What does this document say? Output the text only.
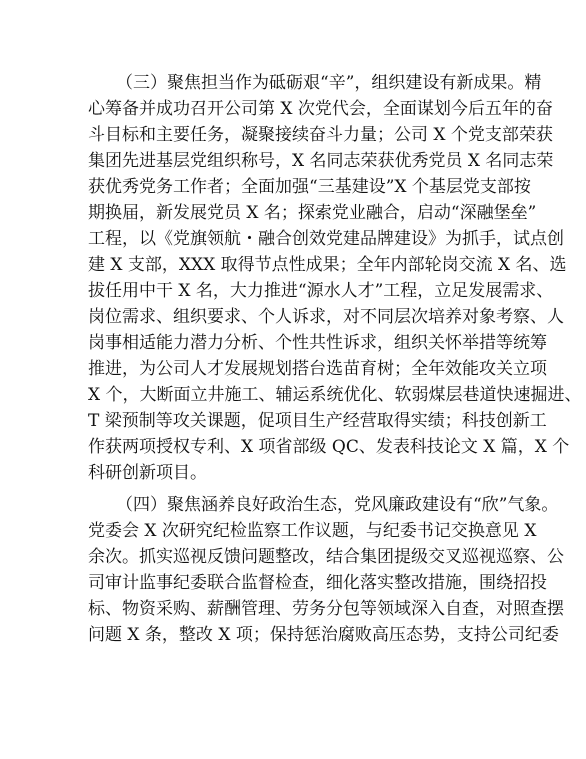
（三）聚焦担当作为砥砺艰“辛”，组织建设有新成果。精
心筹备并成功召开公司第 X 次党代会，全面谋划今后五年的奋
斗目标和主要任务，凝聚接续奋斗力量；公司 X 个党支部荣获
集团先进基层党组织称号，X 名同志荣获优秀党员 X 名同志荣
获优秀党务工作者；全面加强“三基建设”X 个基层党支部按
期换届，新发展党员 X 名；探索党业融合，启动“深融堡垒”
工程，以《党旗领航・融合创效党建品牌建设》为抓手，试点创
建 X 支部，XXX 取得节点性成果；全年内部轮岗交流 X 名、选
拔任用中干 X 名，大力推进“源水人才”工程，立足发展需求、
岗位需求、组织要求、个人诉求，对不同层次培养对象考察、人
岗事相适能力潜力分析、个性共性诉求，组织关怀举措等统筹
推进，为公司人才发展规划搭台选苗育树；全年效能攻关立项
X 个，大断面立井施工、辅运系统优化、软弱煤层巷道快速掘进、
T 梁预制等攻关课题，促项目生产经营取得实绩；科技创新工
作获两项授权专利、X 项省部级 QC、发表科技论文 X 篇，X 个
科研创新项目。
（四）聚焦涵养良好政治生态，党风廉政建设有“欣”气象。
党委会 X 次研究纪检监察工作议题，与纪委书记交换意见 X
余次。抓实巡视反馈问题整改，结合集团提级交叉巡视巡察、公
司审计监事纪委联合监督检查，细化落实整改措施，围绕招投
标、物资采购、薪酬管理、劳务分包等领域深入自查，对照查摆
问题 X 条，整改 X 项；保持惩治腐败高压态势，支持公司纪委
